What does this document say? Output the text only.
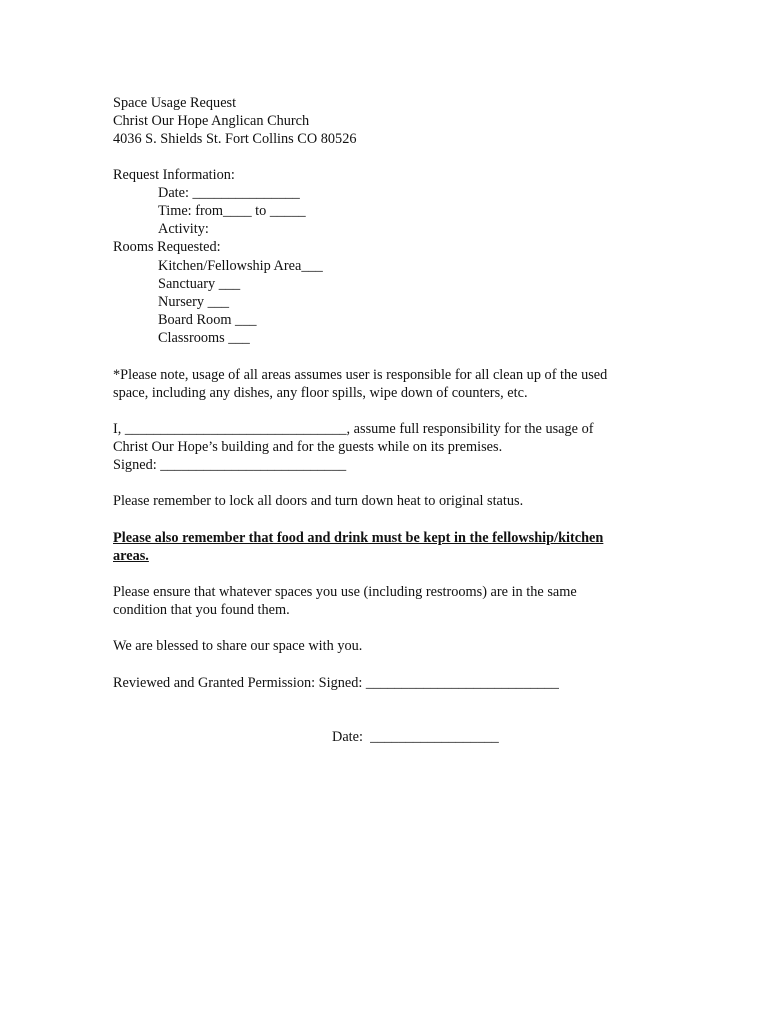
Space Usage Request
Christ Our Hope Anglican Church
4036 S. Shields St. Fort Collins CO 80526
Request Information:
Date: _______________
Time: from____ to _____
Activity:
Rooms Requested:
Kitchen/Fellowship Area___
Sanctuary ___
Nursery ___
Board Room ___
Classrooms ___
*Please note, usage of all areas assumes user is responsible for all clean up of the used
space, including any dishes, any floor spills, wipe down of counters, etc.
I, _______________________________, assume full responsibility for the usage of
Christ Our Hope’s building and for the guests while on its premises.
Signed: __________________________
Please remember to lock all doors and turn down heat to original status.
Please also remember that food and drink must be kept in the fellowship/kitchen
areas.
Please ensure that whatever spaces you use (including restrooms) are in the same
condition that you found them.
We are blessed to share our space with you.
Reviewed and Granted Permission: Signed: ___________________________
Date:  __________________
